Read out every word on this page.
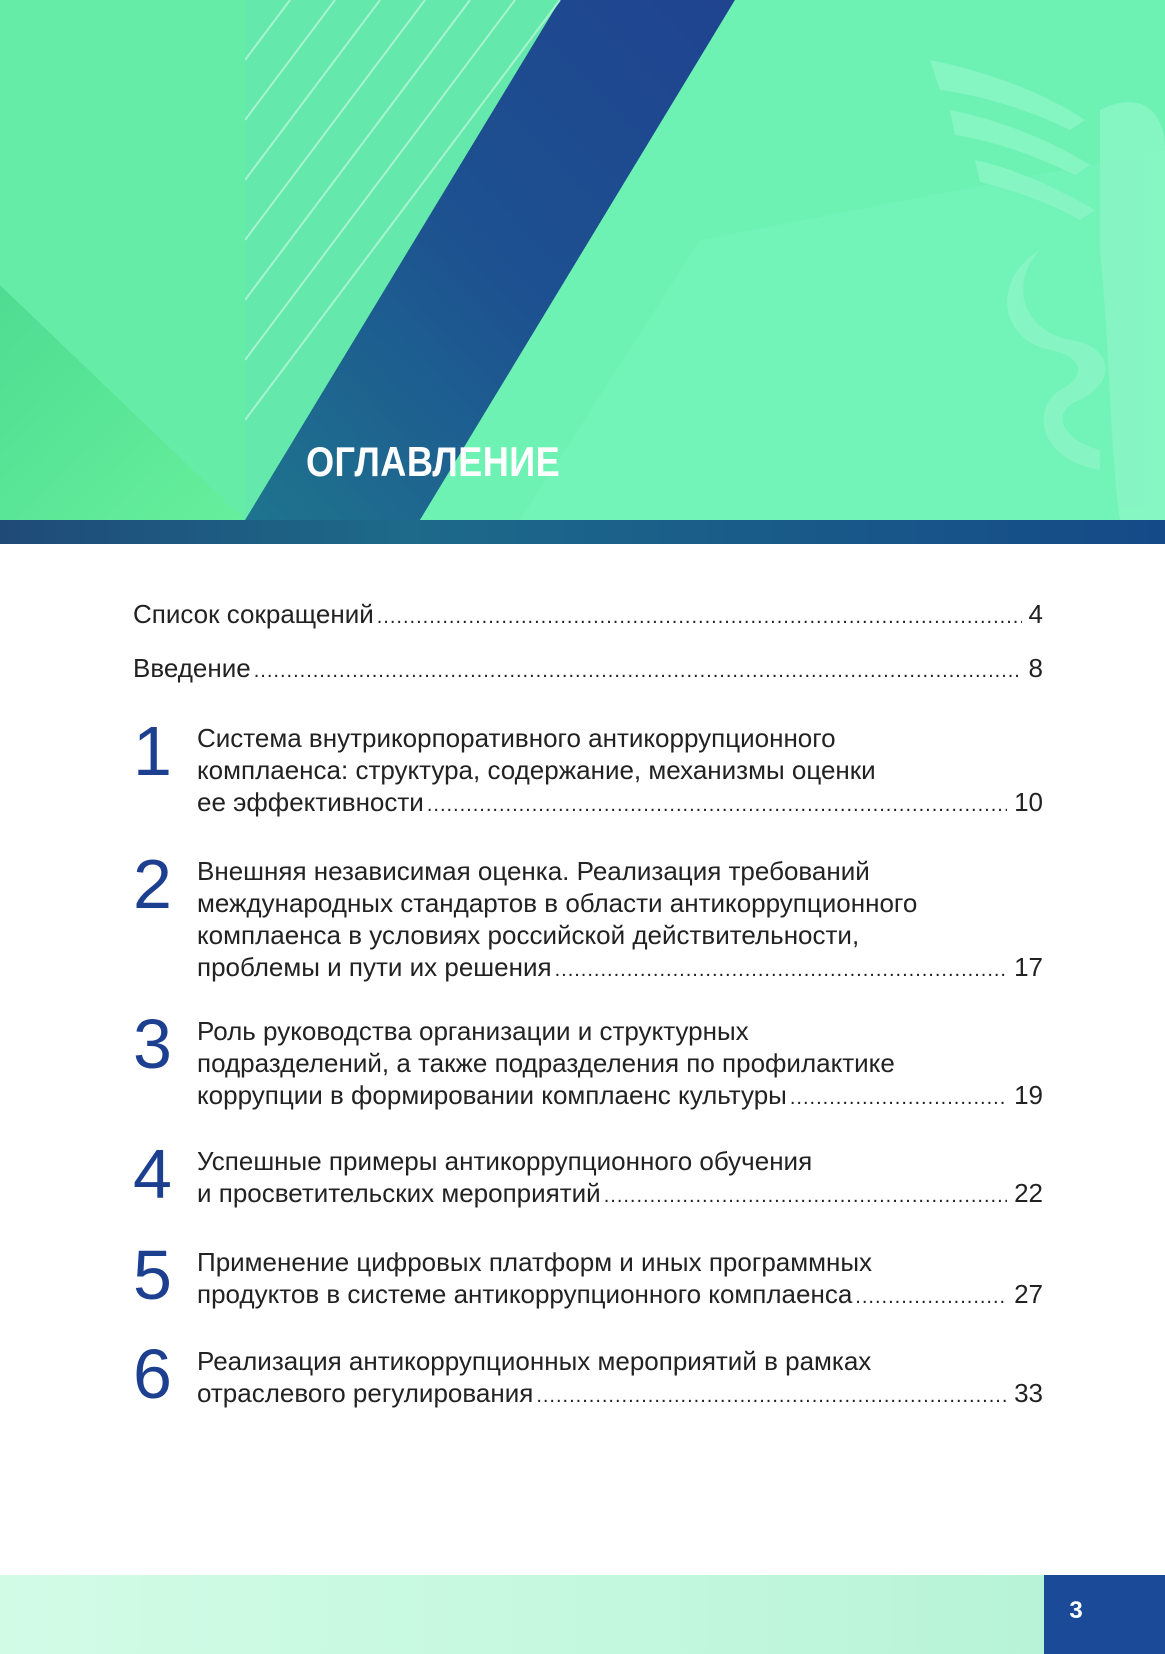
ОГЛАВЛЕНИЕ
Список сокращений .....	4
Введение .....	8
1 Система внутрикорпоративного антикоррупционного
комплаенса: структура, содержание, механизмы оценки
ее эффективности .....	10
2 Внешняя независимая оценка. Реализация требований
международных стандартов в области антикоррупционного
комплаенса в условиях российской действительности,
проблемы и пути их решения .....	17
3 Роль руководства организации и структурных
подразделений, а также подразделения по профилактике
коррупции в формировании комплаенс культуры .....	19
4 Успешные примеры антикоррупционного обучения
и просветительских мероприятий .....	22
5 Применение цифровых платформ и иных программных
продуктов в системе антикоррупционного комплаенса .....	27
6 Реализация антикоррупционных мероприятий в рамках
отраслевого регулирования .....	33
3
